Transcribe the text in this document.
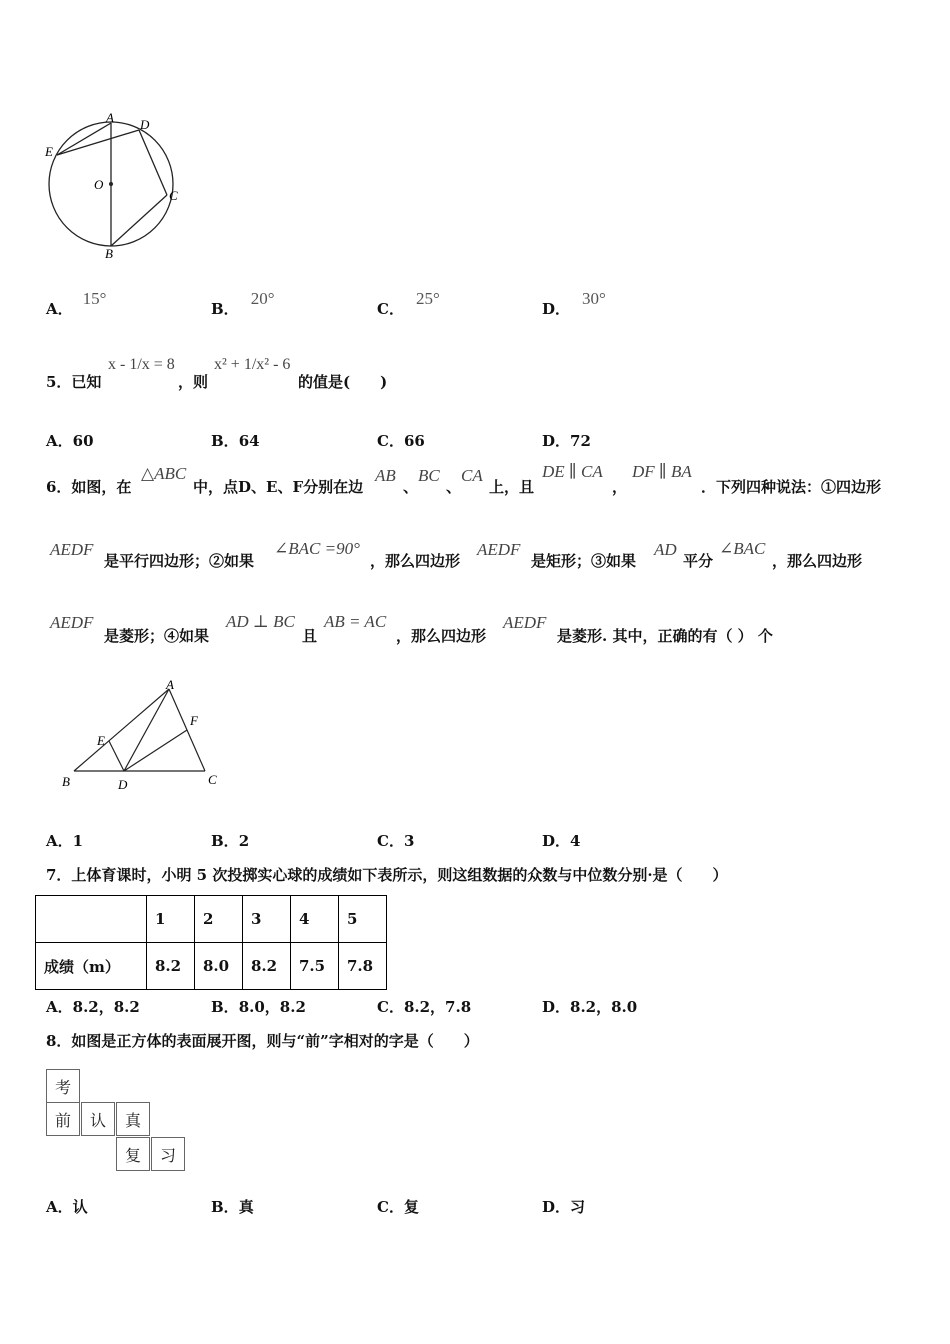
A D
E
O
C
B
A．15°
B．20°
C．25°
D．30°
5．已知
x - 1/x = 8
，则
x² + 1/x² - 6
的值是(　　)
A．60	B．64	C．66	D．72
6．如图，在
△ABC
中，点D、E、F分别在边
AB
、
BC
、
CA
上，且
DE ∥ CA
，
DF ∥ BA
．下列四种说法：①四边形
AEDF
是平行四边形；②如果
∠BAC =90°
，那么四边形
AEDF
是矩形；③如果
AD
平分
∠BAC
，那么四边形
AEDF
是菱形；④如果
AD ⊥ BC
且
AB = AC
，那么四边形
AEDF
是菱形. 其中，正确的有（ ） 个
A
E
F
B	D	C
A．1	B．2	C．3	D．4
7．上体育课时，小明 5 次投掷实心球的成绩如下表所示，则这组数据的众数与中位数分别·是（　　）
	1	2	3	4	5
成绩（m）	8.2	8.0	8.2	7.5	7.8
A．8.2，8.2	B．8.0，8.2	C．8.2，7.8	D．8.2，8.0
8．如图是正方体的表面展开图，则与“前”字相对的字是（　　）
考
前	认	真
复	习
A．认	B．真	C．复	D．习
